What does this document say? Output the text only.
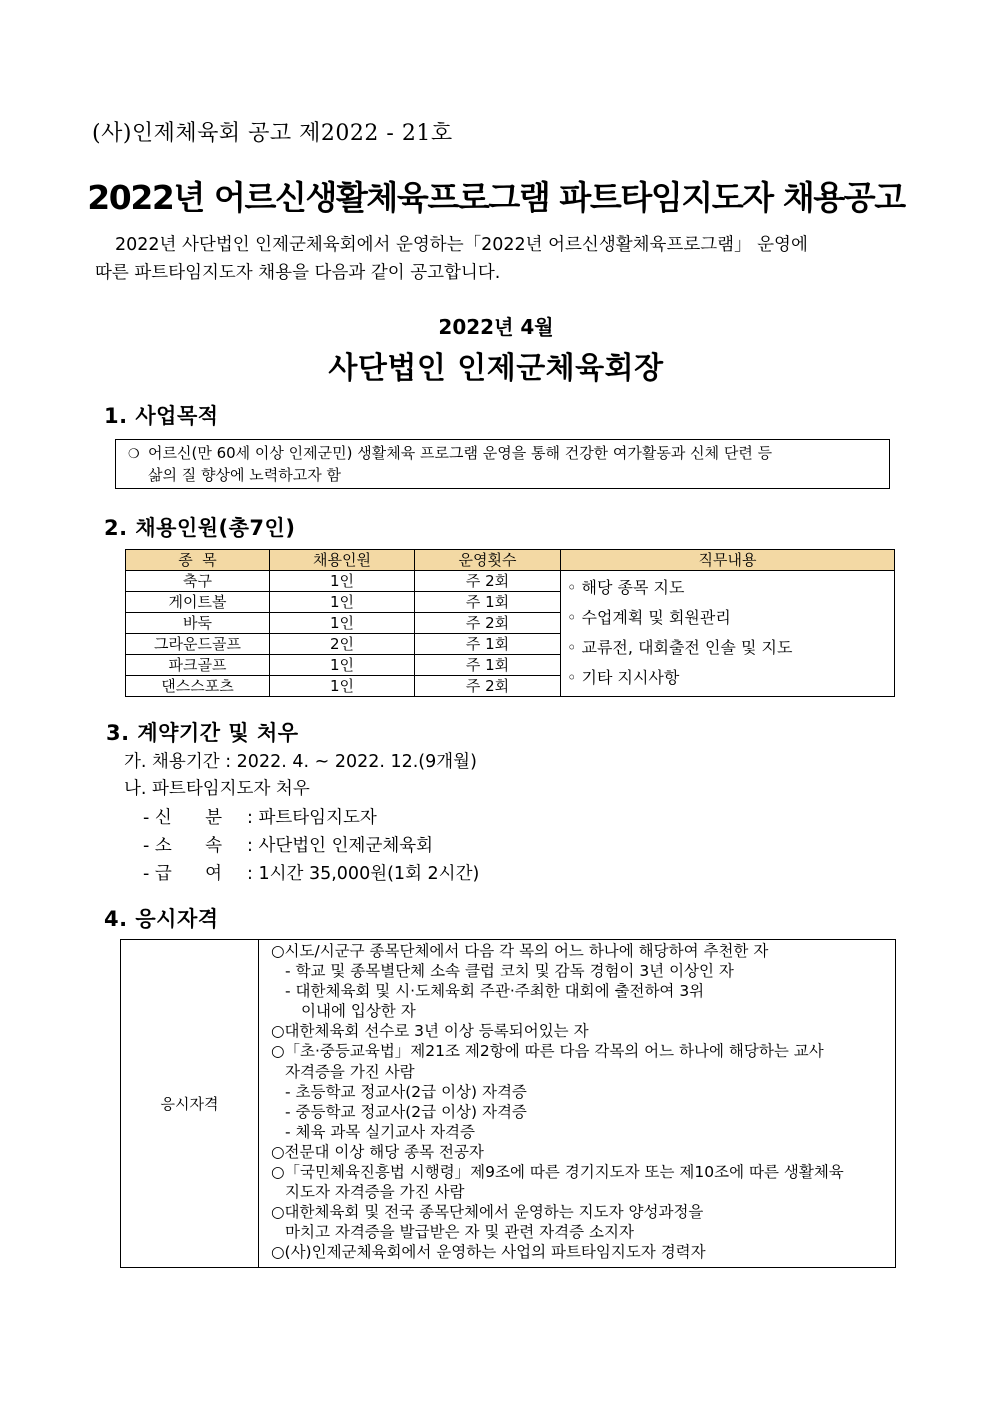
(사)인제체육회 공고 제2022 - 21호
2022년 어르신생활체육프로그램 파트타임지도자 채용공고
2022년 사단법인 인제군체육회에서 운영하는「2022년 어르신생활체육프로그램」 운영에
따른 파트타임지도자 채용을 다음과 같이 공고합니다.
2022년 4월
사단법인 인제군체육회장
1. 사업목적
❍ 어르신(만 60세 이상 인제군민) 생활체육 프로그램 운영을 통해 건강한 여가활동과 신체 단련 등
삶의 질 향상에 노력하고자 함
2. 채용인원(총7인)
종  목	채용인원	운영횟수	직무내용
축구	1인	주 2회	◦ 해당 종목 지도
◦ 수업계획 및 회원관리
◦ 교류전, 대회출전 인솔 및 지도
◦ 기타 지시사항

게이트볼	1인	주 1회	
바둑	1인	주 2회	
그라운드골프	2인	주 1회	
파크골프	1인	주 1회	
댄스스포츠	1인	주 2회	
3. 계약기간 및 처우
가. 채용기간 : 2022. 4. ~ 2022. 12.(9개월)
나. 파트타임지도자 처우
- 신      분 : 파트타임지도자
- 소      속 : 사단법인 인제군체육회
- 급      여 : 1시간 35,000원(1회 2시간)
4. 응시자격
응시자격	
○시도/시군구 종목단체에서 다음 각 목의 어느 하나에 해당하여 추천한 자
- 학교 및 종목별단체 소속 클럽 코치 및 감독 경험이 3년 이상인 자
- 대한체육회 및 시·도체육회 주관·주최한 대회에 출전하여 3위
이내에 입상한 자
○대한체육회 선수로 3년 이상 등록되어있는 자
○「초·중등교육법」제21조 제2항에 따른 다음 각목의 어느 하나에 해당하는 교사
자격증을 가진 사람
- 초등학교 정교사(2급 이상) 자격증
- 중등학교 정교사(2급 이상) 자격증
- 체육 과목 실기교사 자격증
○전문대 이상 해당 종목 전공자
○「국민체육진흥법 시행령」제9조에 따른 경기지도자 또는 제10조에 따른 생활체육
지도자 자격증을 가진 사람
○대한체육회 및 전국 종목단체에서 운영하는 지도자 양성과정을
마치고 자격증을 발급받은 자 및 관련 자격증 소지자
○(사)인제군체육회에서 운영하는 사업의 파트타임지도자 경력자
